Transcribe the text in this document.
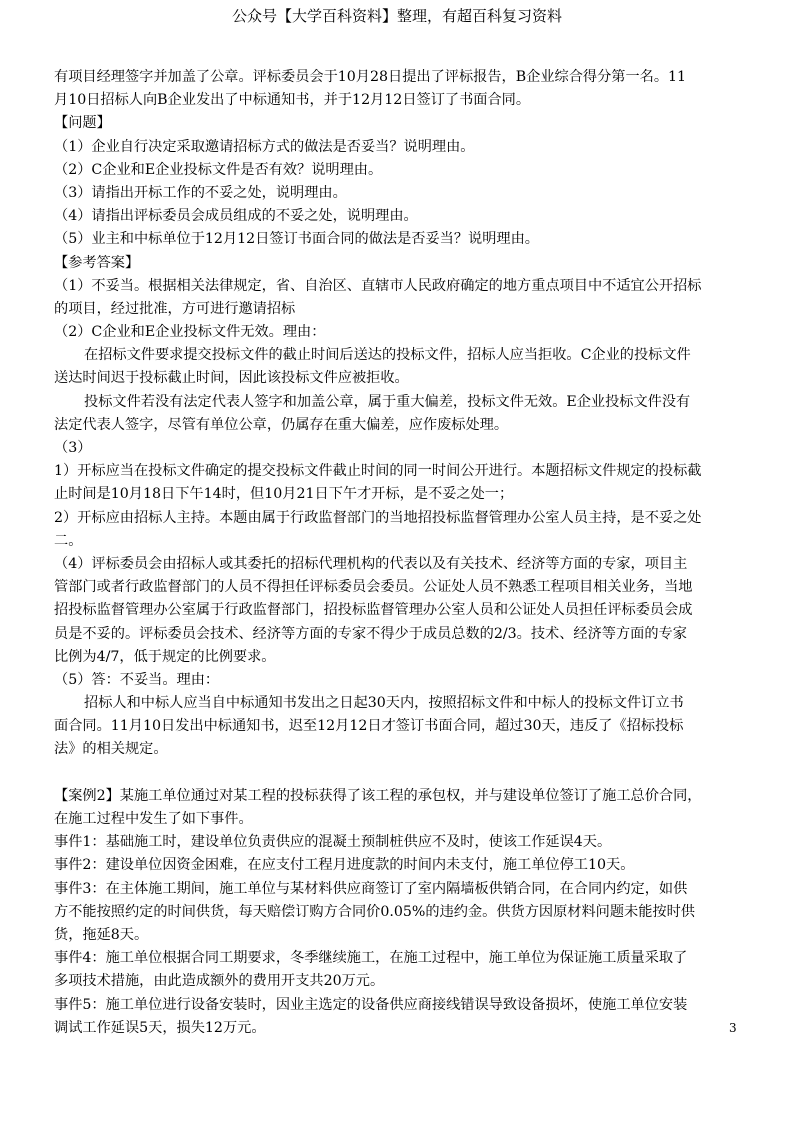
公众号【大学百科资料】整理，有超百科复习资料
有项目经理签字并加盖了公章。评标委员会于10月28日提出了评标报告，B企业综合得分第一名。11
月10日招标人向B企业发出了中标通知书，并于12月12日签订了书面合同。
【问题】
（1）企业自行决定采取邀请招标方式的做法是否妥当？说明理由。
（2）C企业和E企业投标文件是否有效？说明理由。
（3）请指出开标工作的不妥之处，说明理由。
（4）请指出评标委员会成员组成的不妥之处，说明理由。
（5）业主和中标单位于12月12日签订书面合同的做法是否妥当？说明理由。
【参考答案】
（1）不妥当。根据相关法律规定，省、自治区、直辖市人民政府确定的地方重点项目中不适宜公开招标
的项目，经过批准，方可进行邀请招标
（2）C企业和E企业投标文件无效。理由：
在招标文件要求提交投标文件的截止时间后送达的投标文件，招标人应当拒收。C企业的投标文件
送达时间迟于投标截止时间，因此该投标文件应被拒收。
投标文件若没有法定代表人签字和加盖公章，属于重大偏差，投标文件无效。E企业投标文件没有
法定代表人签字，尽管有单位公章，仍属存在重大偏差，应作废标处理。
（3）
1）开标应当在投标文件确定的提交投标文件截止时间的同一时间公开进行。本题招标文件规定的投标截
止时间是10月18日下午14时，但10月21日下午才开标，是不妥之处一；
2）开标应由招标人主持。本题由属于行政监督部门的当地招投标监督管理办公室人员主持，是不妥之处
二。
（4）评标委员会由招标人或其委托的招标代理机构的代表以及有关技术、经济等方面的专家，项目主
管部门或者行政监督部门的人员不得担任评标委员会委员。公证处人员不熟悉工程项目相关业务，当地
招投标监督管理办公室属于行政监督部门，招投标监督管理办公室人员和公证处人员担任评标委员会成
员是不妥的。评标委员会技术、经济等方面的专家不得少于成员总数的2/3。技术、经济等方面的专家
比例为4/7，低于规定的比例要求。
（5）答：不妥当。理由：
招标人和中标人应当自中标通知书发出之日起30天内，按照招标文件和中标人的投标文件订立书
面合同。11月10日发出中标通知书，迟至12月12日才签订书面合同，超过30天，违反了《招标投标
法》的相关规定。
【案例2】某施工单位通过对某工程的投标获得了该工程的承包权，并与建设单位签订了施工总价合同，
在施工过程中发生了如下事件。
事件1：基础施工时，建设单位负责供应的混凝土预制桩供应不及时，使该工作延误4天。
事件2：建设单位因资金困难，在应支付工程月进度款的时间内未支付，施工单位停工10天。
事件3：在主体施工期间，施工单位与某材料供应商签订了室内隔墙板供销合同，在合同内约定，如供
方不能按照约定的时间供货，每天赔偿订购方合同价0.05%的违约金。供货方因原材料问题未能按时供
货，拖延8天。
事件4：施工单位根据合同工期要求，冬季继续施工，在施工过程中，施工单位为保证施工质量采取了
多项技术措施，由此造成额外的费用开支共20万元。
事件5：施工单位进行设备安装时，因业主选定的设备供应商接线错误导致设备损坏，使施工单位安装
调试工作延误5天，损失12万元。	3
